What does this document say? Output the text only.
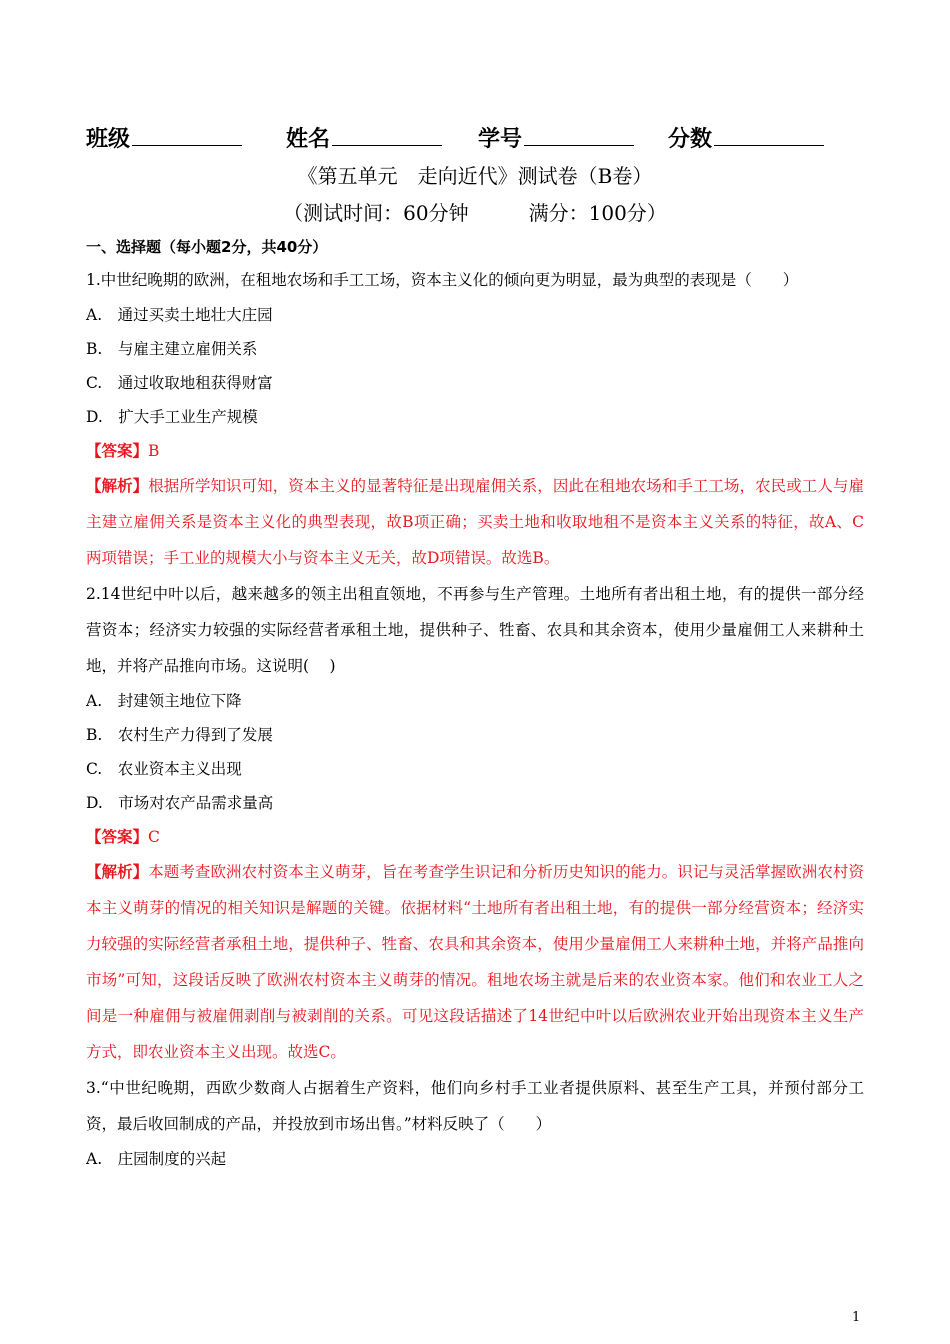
班级	姓名	学号	分数
《第五单元　走向近代》测试卷（B卷）
（测试时间：60分钟	满分：100分）
一、选择题（每小题2分，共40分）

1.中世纪晚期的欧洲，在租地农场和手工工场，资本主义化的倾向更为明显，最为典型的表现是（　　）

A.　通过买卖土地壮大庄园

B.　与雇主建立雇佣关系

C.　通过收取地租获得财富

D.　扩大手工业生产规模

【答案】B

【解析】根据所学知识可知，资本主义的显著特征是出现雇佣关系，因此在租地农场和手工工场，农民或工人与雇主建立雇佣关系是资本主义化的典型表现，故B项正确；买卖土地和收取地租不是资本主义关系的特征，故A、C两项错误；手工业的规模大小与资本主义无关，故D项错误。故选B。

2.14世纪中叶以后，越来越多的领主出租直领地，不再参与生产管理。土地所有者出租土地，有的提供一部分经营资本；经济实力较强的实际经营者承租土地，提供种子、牲畜、农具和其余资本，使用少量雇佣工人来耕种土地，并将产品推向市场。这说明(　 )

A.　封建领主地位下降

B.　农村生产力得到了发展

C.　农业资本主义出现

D.　市场对农产品需求量高

【答案】C

【解析】本题考查欧洲农村资本主义萌芽，旨在考查学生识记和分析历史知识的能力。识记与灵活掌握欧洲农村资本主义萌芽的情况的相关知识是解题的关键。依据材料“土地所有者出租土地，有的提供一部分经营资本；经济实力较强的实际经营者承租土地，提供种子、牲畜、农具和其余资本，使用少量雇佣工人来耕种土地，并将产品推向市场”可知，这段话反映了欧洲农村资本主义萌芽的情况。租地农场主就是后来的农业资本家。他们和农业工人之间是一种雇佣与被雇佣剥削与被剥削的关系。可见这段话描述了14世纪中叶以后欧洲农业开始出现资本主义生产方式，即农业资本主义出现。故选C。

3.“中世纪晚期，西欧少数商人占据着生产资料，他们向乡村手工业者提供原料、甚至生产工具，并预付部分工资，最后收回制成的产品，并投放到市场出售。”材料反映了（　　）

A.　庄园制度的兴起

1
